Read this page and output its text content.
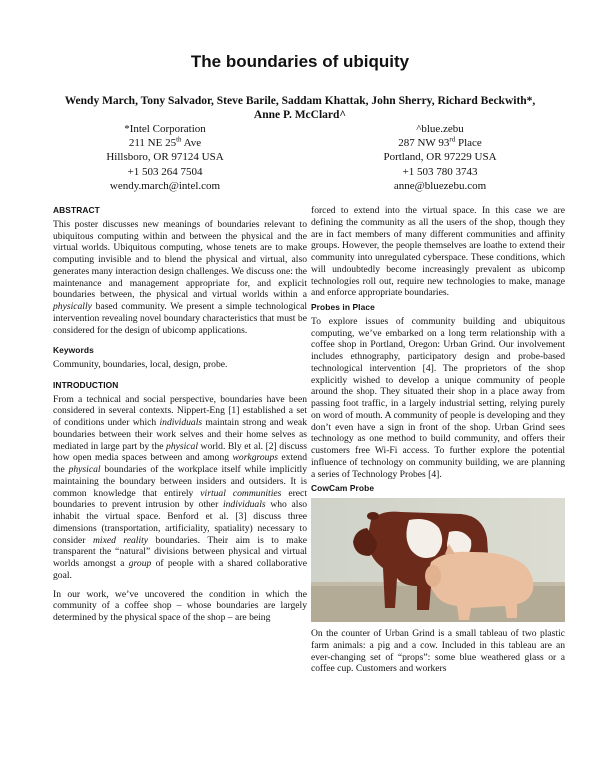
The boundaries of ubiquity
Wendy March, Tony Salvador, Steve Barile, Saddam Khattak, John Sherry, Richard Beckwith*,
Anne P. McClard^
*Intel Corporation
211 NE 25th Ave
Hillsboro, OR 97124 USA
+1 503 264 7504
wendy.march@intel.com
^blue.zebu
287 NW 93rd Place
Portland, OR 97229 USA
+1 503 780 3743
anne@bluezebu.com
ABSTRACT

This poster discusses new meanings of boundaries relevant to ubiquitous computing within and between the physical and the virtual worlds. Ubiquitous computing, whose tenets are to make computing invisible and to blend the physical and virtual, also generates many interaction design challenges. We discuss one: the maintenance and management appropriate for, and explicit boundaries between, the physical and virtual worlds within a physically based community. We present a simple technological intervention revealing novel boundary characteristics that must be considered for the design of ubicomp applications.

Keywords

Community, boundaries, local, design, probe.

INTRODUCTION

From a technical and social perspective, boundaries have been considered in several contexts. Nippert-Eng [1] established a set of conditions under which individuals maintain strong and weak boundaries between their work selves and their home selves as mediated in large part by the physical world. Bly et al. [2] discuss how open media spaces between and among workgroups extend the physical boundaries of the workplace itself while implicitly maintaining the boundary between insiders and outsiders. It is common knowledge that entirely virtual communities erect boundaries to prevent intrusion by other individuals who also inhabit the virtual space. Benford et al. [3] discuss three dimensions (transportation, artificiality, spatiality) necessary to consider mixed reality boundaries. Their aim is to make transparent the “natural” divisions between physical and virtual worlds amongst a group of people with a shared collaborative goal.

In our work, we’ve uncovered the condition in which the community of a coffee shop – whose boundaries are largely determined by the physical space of the shop – are being

forced to extend into the virtual space. In this case we are defining the community as all the users of the shop, though they are in fact members of many different communities and affinity groups. However, the people themselves are loathe to extend their community into unregulated cyberspace. These conditions, which will undoubtedly become increasingly prevalent as ubicomp technologies roll out, require new technologies to make, manage and enforce appropriate boundaries.

Probes in Place

To explore issues of community building and ubiquitous computing, we’ve embarked on a long term relationship with a coffee shop in Portland, Oregon: Urban Grind. Our involvement includes ethnography, participatory design and probe-based technological intervention [4]. The proprietors of the shop explicitly wished to develop a unique community of people around the shop. They situated their shop in a place away from passing foot traffic, in a largely industrial setting, relying purely on word of mouth. A community of people is developing and they don’t even have a sign in front of the shop. Urban Grind sees technology as one method to build community, and offers their customers free Wi-Fi access. To further explore the potential influence of technology on community building, we are planning a series of Technology Probes [4].

CowCam Probe

On the counter of Urban Grind is a small tableau of two plastic farm animals: a pig and a cow. Included in this tableau are an ever-changing set of “props”: some blue weathered glass or a coffee cup. Customers and workers
